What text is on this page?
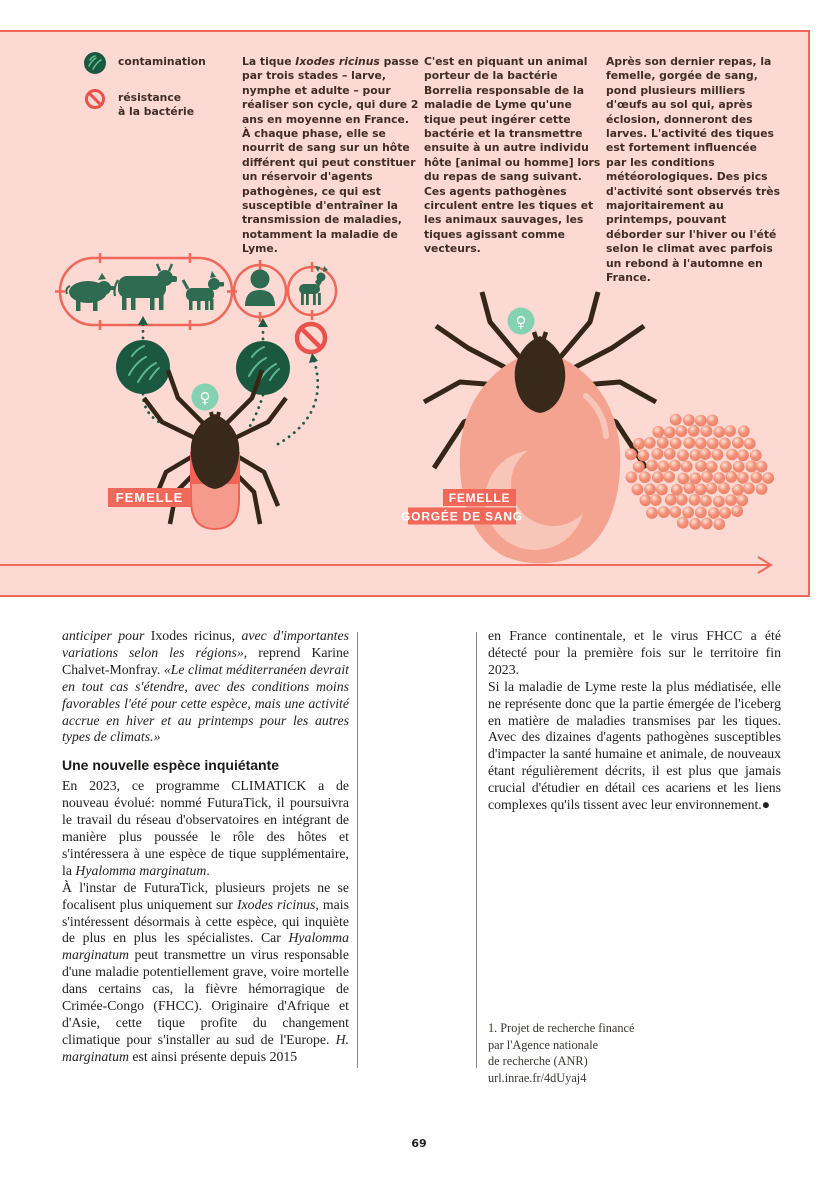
contamination
résistance
à la bactérie
La tique Ixodes ricinus passe par trois stades – larve, nymphe et adulte – pour réaliser son cycle, qui dure 2 ans en moyenne en France. À chaque phase, elle se nourrit de sang sur un hôte différent qui peut constituer un réservoir d'agents pathogènes, ce qui est susceptible d'entraîner la transmission de maladies, notamment la maladie de Lyme.
C'est en piquant un animal porteur de la bactérie Borrelia responsable de la maladie de Lyme qu'une tique peut ingérer cette bactérie et la transmettre ensuite à un autre individu hôte [animal ou homme] lors du repas de sang suivant. Ces agents pathogènes circulent entre les tiques et les animaux sauvages, les tiques agissant comme vecteurs.
Après son dernier repas, la femelle, gorgée de sang, pond plusieurs milliers d'œufs au sol qui, après éclosion, donneront des larves. L'activité des tiques est fortement influencée par les conditions météorologiques. Des pics d'activité sont observés très majoritairement au printemps, pouvant déborder sur l'hiver ou l'été selon le climat avec parfois un rebond à l'automne en France.
♀
♀
FEMELLE	FEMELLE
GORGÉE DE SANG

anticiper pour Ixodes ricinus, avec d'importantes variations selon les régions», reprend Karine Chalvet-Monfray. «Le climat méditerranéen devrait en tout cas s'étendre, avec des conditions moins favorables l'été pour cette espèce, mais une activité accrue en hiver et au printemps pour les autres types de climats.»

Une nouvelle espèce inquiétante

En 2023, ce programme CLIMATICK a de nouveau évolué: nommé FuturaTick, il poursuivra le travail du réseau d'observatoires en intégrant de manière plus poussée le rôle des hôtes et s'intéressera à une espèce de tique supplémentaire, la Hyalomma marginatum.

À l'instar de FuturaTick, plusieurs projets ne se focalisent plus uniquement sur Ixodes ricinus, mais s'intéressent désormais à cette espèce, qui inquiète de plus en plus les spécialistes. Car Hyalomma marginatum peut transmettre un virus responsable d'une maladie potentiellement grave, voire mortelle dans certains cas, la fièvre hémorragique de Crimée-Congo (FHCC). Originaire d'Afrique et d'Asie, cette tique profite du changement climatique pour s'installer au sud de l'Europe. H. marginatum est ainsi présente depuis 2015

en France continentale, et le virus FHCC a été détecté pour la première fois sur le territoire fin 2023.

Si la maladie de Lyme reste la plus médiatisée, elle ne représente donc que la partie émergée de l'iceberg en matière de maladies transmises par les tiques. Avec des dizaines d'agents pathogènes susceptibles d'impacter la santé humaine et animale, de nouveaux étant régulièrement décrits, il est plus que jamais crucial d'étudier en détail ces acariens et les liens complexes qu'ils tissent avec leur environnement.●

1. Projet de recherche financé
par l'Agence nationale
de recherche (ANR)
url.inrae.fr/4dUyaj4
69
